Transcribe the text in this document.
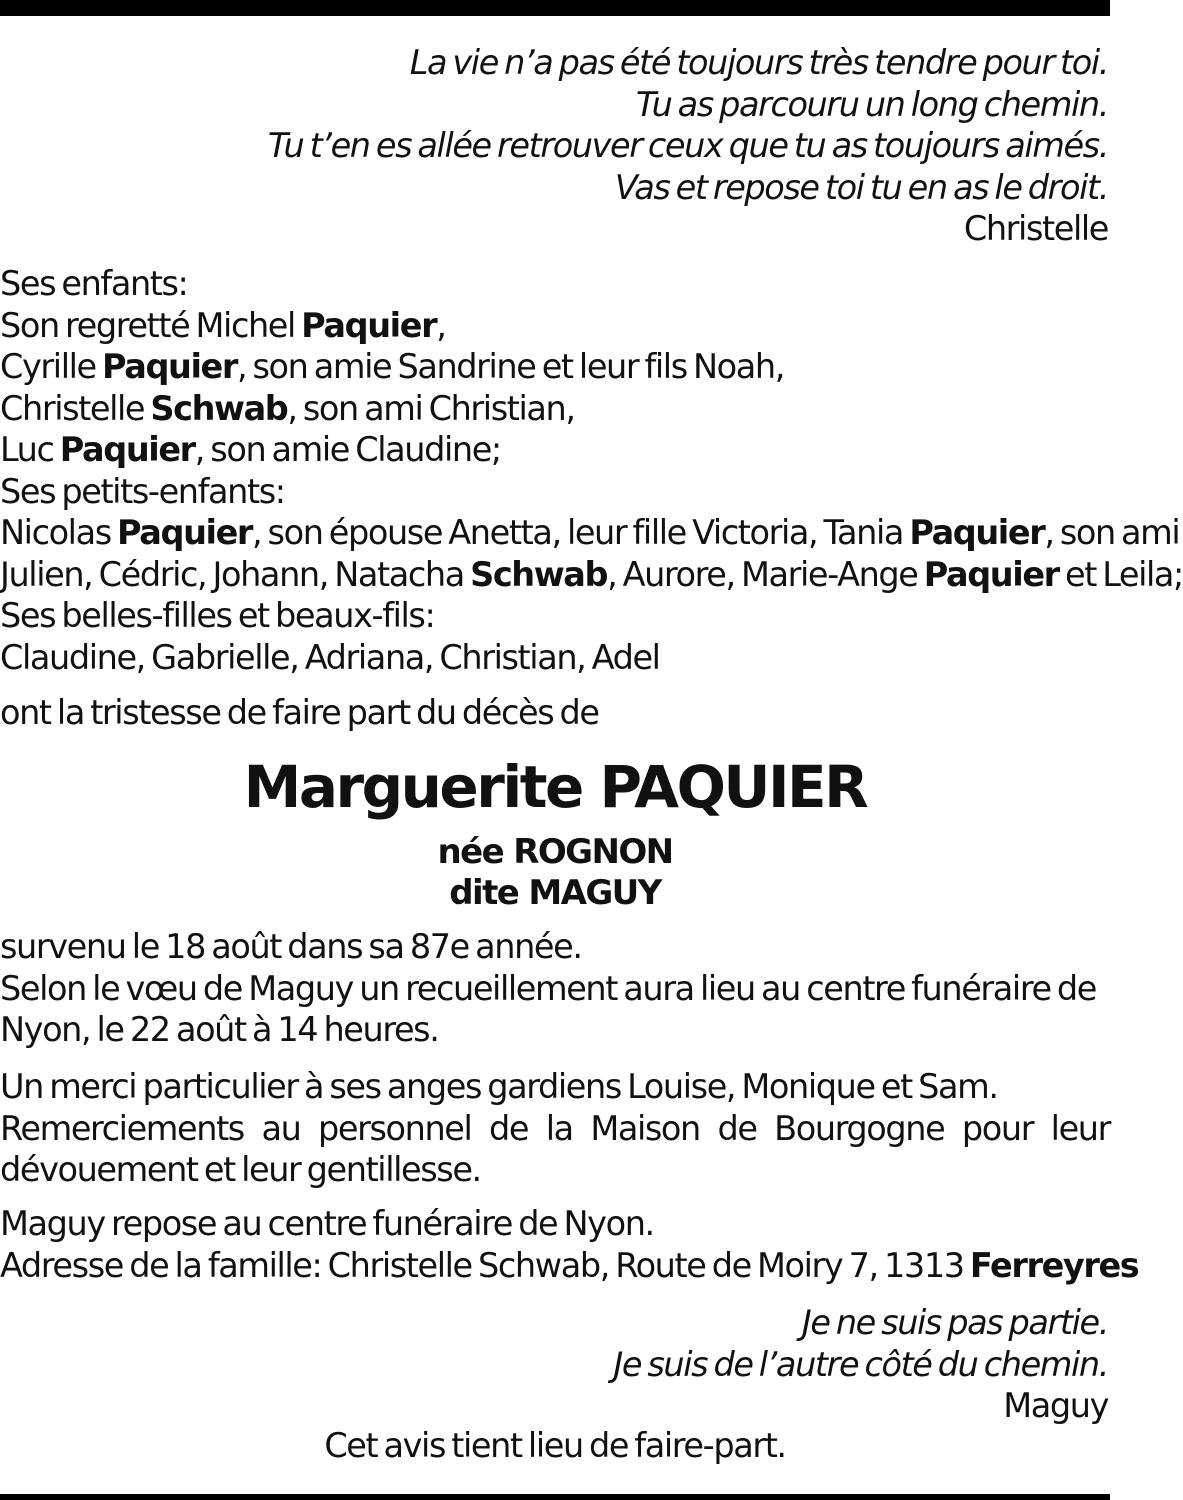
La vie n’a pas été toujours très tendre pour toi.
Tu as parcouru un long chemin.
Tu t’en es allée retrouver ceux que tu as toujours aimés.
Vas et repose toi tu en as le droit.
Christelle
Ses enfants:
Son regretté Michel Paquier,
Cyrille Paquier, son amie Sandrine et leur fils Noah,
Christelle Schwab, son ami Christian,
Luc Paquier, son amie Claudine;
Ses petits-enfants:
Nicolas Paquier, son épouse Anetta, leur fille Victoria, Tania Paquier, son ami
Julien, Cédric, Johann, Natacha Schwab, Aurore, Marie-Ange Paquier et Leila;
Ses belles-filles et beaux-fils:
Claudine, Gabrielle, Adriana, Christian, Adel
ont la tristesse de faire part du décès de
Marguerite PAQUIER
née ROGNON
dite MAGUY
survenu le 18 août dans sa 87e année.
Selon le vœu de Maguy un recueillement aura lieu au centre funéraire de
Nyon, le 22 août à 14 heures.
Un merci particulier à ses anges gardiens Louise, Monique et Sam.
Remerciements au personnel de la Maison de Bourgogne pour leur
dévouement et leur gentillesse.
Maguy repose au centre funéraire de Nyon.
Adresse de la famille: Christelle Schwab, Route de Moiry 7, 1313 Ferreyres
Je ne suis pas partie.
Je suis de l’autre côté du chemin.
Maguy
Cet avis tient lieu de faire-part.
